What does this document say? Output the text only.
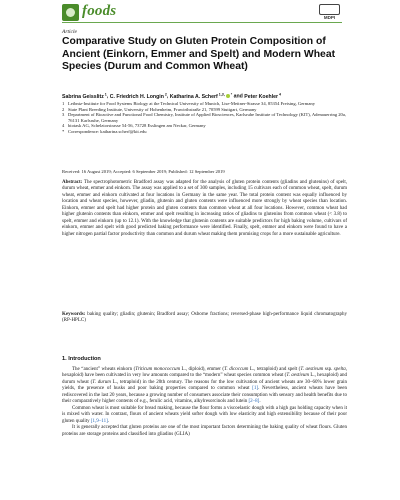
foods	MDPI
Article
Comparative Study on Gluten Protein Composition of Ancient (Einkorn, Emmer and Spelt) and Modern Wheat Species (Durum and Common Wheat)
Sabrina Geisslitz $^1$, C. Friedrich H. Longin $^2$, Katharina A. Scherf $^{1,3,}$ * and Peter Koehler $^4$
1 Leibniz-Institute for Food Systems Biology at the Technical University of Munich, Lise-Meitner-Strasse 34, 85354 Freising, Germany
2 State Plant Breeding Institute, University of Hohenheim, Fruwirthstraße 21, 70599 Stuttgart, Germany
3 Department of Bioactive and Functional Food Chemistry, Institute of Applied Biosciences, Karlsruhe Institute of Technology (KIT), Adenauerring 20a, 76131 Karlsruhe, Germany
4 biotask AG, Schelztorstrasse 54-56, 73728 Esslingen am Neckar, Germany
* Correspondence: katharina.scherf@kit.edu
Received: 16 August 2019; Accepted: 6 September 2019; Published: 12 September 2019
Abstract: The spectrophotometric Bradford assay was adapted for the analysis of gluten protein contents (gliadins and glutenins) of spelt, durum wheat, emmer and einkorn. The assay was applied to a set of 300 samples, including 15 cultivars each of common wheat, spelt, durum wheat, emmer and einkorn cultivated at four locations in Germany in the same year. The total protein content was equally influenced by location and wheat species, however, gliadin, glutenin and gluten contents were influenced more strongly by wheat species than location. Einkorn, emmer and spelt had higher protein and gluten contents than common wheat at all four locations. However, common wheat had higher glutenin contents than einkorn, emmer and spelt resulting in increasing ratios of gliadins to glutenins from common wheat (< 3.8) to spelt, emmer and einkorn (up to 12.1). With the knowledge that glutenin contents are suitable predictors for high baking volume, cultivars of einkorn, emmer and spelt with good predicted baking performance were identified. Finally, spelt, emmer and einkorn were found to have a higher nitrogen partial factor productivity than common and durum wheat making them promising crops for a more sustainable agriculture.
Keywords: baking quality; gliadin; glutenin; Bradford assay; Osborne fractions; reversed-phase high-performance liquid chromatography (RP-HPLC)
1. Introduction

The “ancient” wheats einkorn (Triticum monococcum L., diploid), emmer (T. dicoccum L., tetraploid) and spelt (T. aestivum ssp. spelta, hexaploid) have been cultivated in very low amounts compared to the “modern” wheat species common wheat (T. aestivum L., hexaploid) and durum wheat (T. durum L., tetraploid) in the 20th century. The reasons for the low cultivation of ancient wheats are 30–60% lower grain yields, the presence of husks and poor baking properties compared to common wheat [1]. Nevertheless, ancient wheats have been rediscovered in the last 20 years, because a growing number of consumers associate their consumption with sensory and health benefits due to their comparatively higher contents of e.g., ferulic acid, vitamins, alkylresorcinols and lutein [2–8].

Common wheat is most suitable for bread making, because the flour forms a viscoelastic dough with a high gas holding capacity when it is mixed with water. In contrast, flours of ancient wheats yield softer dough with low elasticity and high extensibility because of their poor gluten quality [1,9–11].

It is generally accepted that gluten proteins are one of the most important factors determining the baking quality of wheat flours. Gluten proteins are storage proteins and classified into gliadins (GLIA)
